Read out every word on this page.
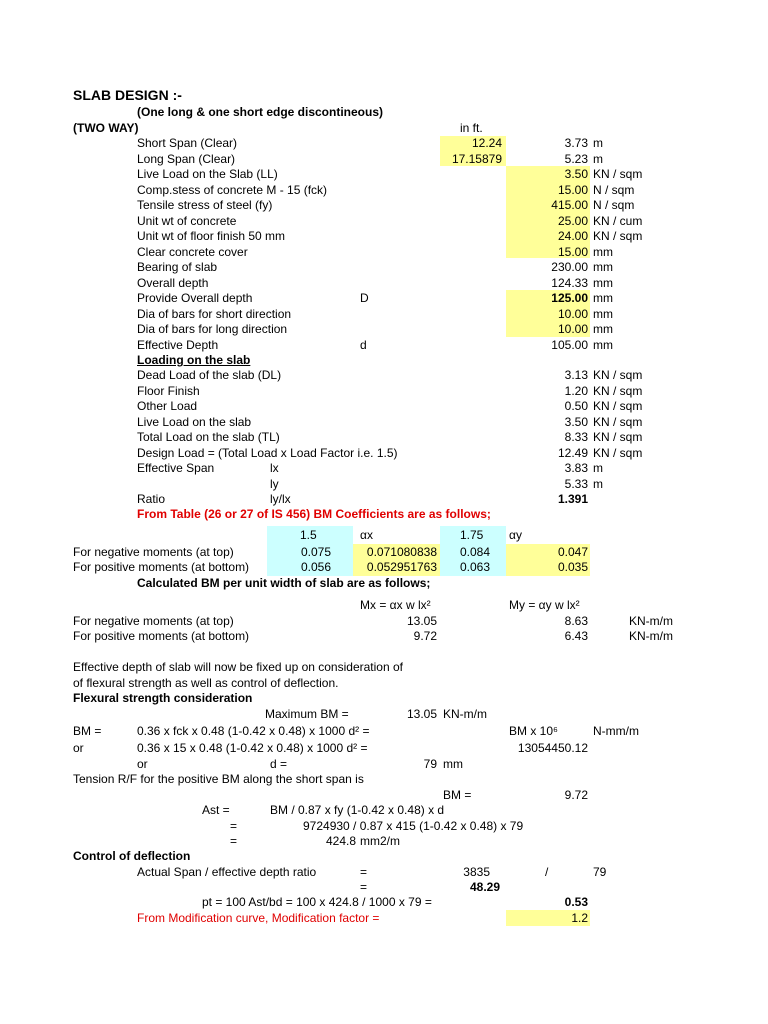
SLAB DESIGN :-
(One long & one short edge discontineous)
(TWO WAY)	in ft.
Short Span (Clear)	12.24	3.73 m
Long Span (Clear)	17.15879	5.23 m
Live Load on the Slab (LL)	3.50 KN / sqm
Comp.stess of concrete M - 15 (fck)	15.00 N / sqm
Tensile stress of steel (fy)	415.00 N / sqm
Unit wt of concrete	25.00 KN / cum
Unit wt of floor finish 50 mm	24.00 KN / sqm
Clear concrete cover	15.00 mm
Bearing of slab	230.00 mm
Overall depth	124.33 mm
Provide Overall depth	D	125.00 mm
Dia of bars for short direction	10.00 mm
Dia of bars for long direction	10.00 mm
Effective Depth	d	105.00 mm
Dead Load of the slab (DL)	3.13 KN / sqm
Floor Finish	1.20 KN / sqm
Other Load	0.50 KN / sqm
Live Load on the slab	3.50 KN / sqm
Total Load on the slab (TL)	8.33 KN / sqm
Design Load = (Total Load x Load Factor i.e. 1.5)	12.49 KN / sqm
Effective Span	lx	3.83 m
ly	5.33 m
Ratio	ly/lx	1.391
Loading on the slab
From Table (26 or 27 of IS 456) BM Coefficients are as follows;
1.5	αx	1.75 αy
For negative moments (at top)	0.075	0.071080838	0.084	0.047
For positive moments (at bottom)	0.056	0.052951763	0.063	0.035
Calculated BM per unit width of slab are as follows;
Mx = αx w lx²	My = αy w lx²
For negative moments (at top)	13.05	8.63	KN-m/m
For positive moments (at bottom)	9.72	6.43	KN-m/m
Effective depth of slab will now be fixed up on consideration of
of flexural strength as well as control of deflection.
Flexural strength consideration
Maximum BM =	13.05 KN-m/m
BM =	0.36 x fck x 0.48 (1-0.42 x 0.48) x 1000 d² =	BM x 10⁶	N-mm/m
or	0.36 x 15 x 0.48 (1-0.42 x 0.48) x 1000 d² =	13054450.12
or	d =	79 mm
Tension R/F for the positive BM along the short span is
BM =	9.72
Ast =	BM / 0.87 x fy (1-0.42 x 0.48) x d
=	9724930 / 0.87 x 415 (1-0.42 x 0.48) x 79
=	424.8 mm2/m
Control of deflection
Actual Span / effective depth ratio	=	3835	/	79
=	48.29
pt = 100 Ast/bd = 100 x 424.8 / 1000 x 79 =	0.53
From Modification curve, Modification factor =	1.2
